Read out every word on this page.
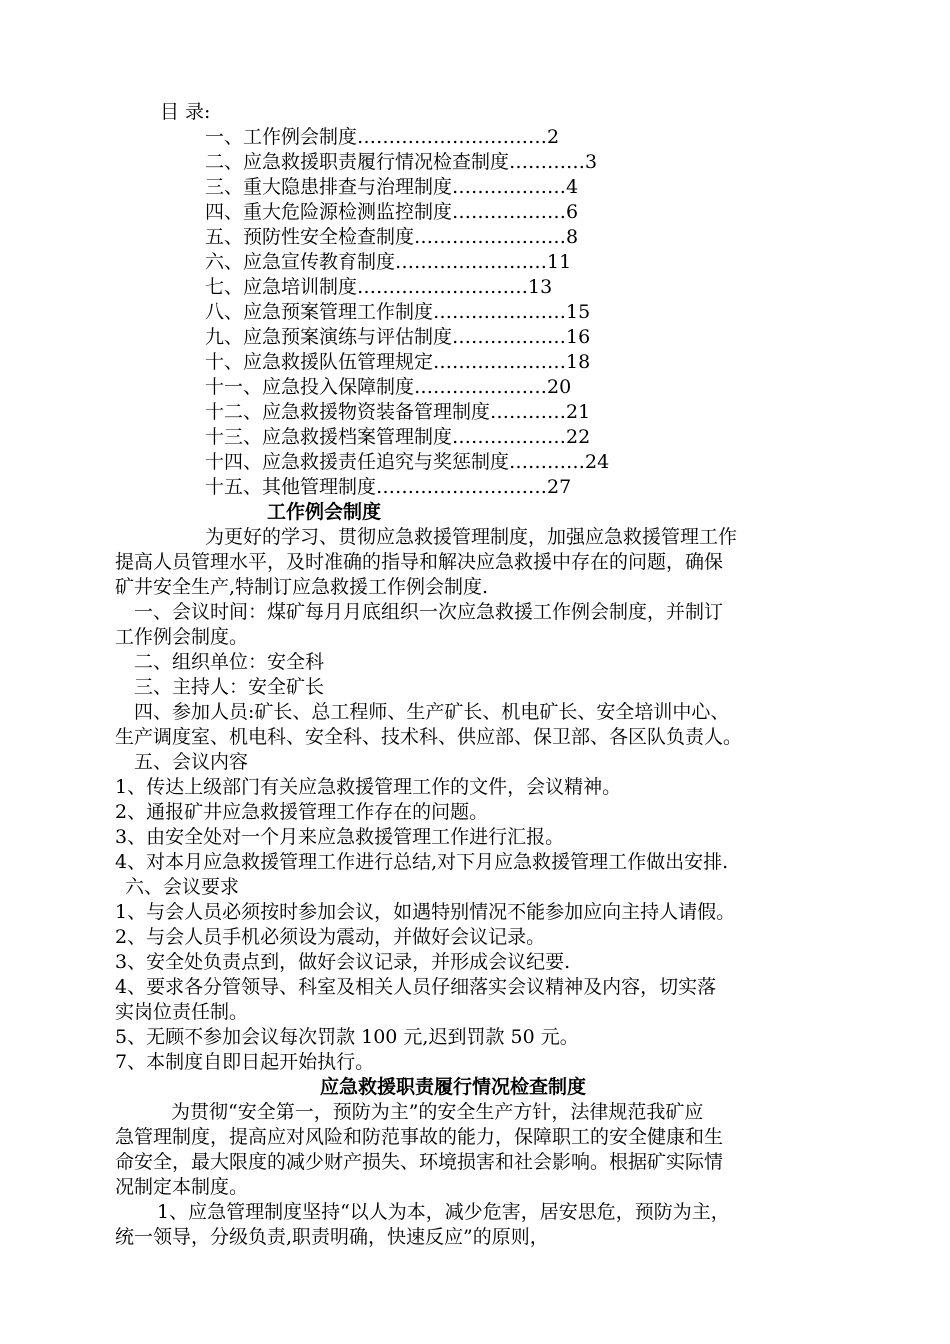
目 录:
一、工作例会制度…………………………2
二、应急救援职责履行情况检查制度…………3
三、重大隐患排查与治理制度………………4
四、重大危险源检测监控制度………………6
五、预防性安全检查制度……………………8
六、应急宣传教育制度……………………11
七、应急培训制度………………………13
八、应急预案管理工作制度…………………15
九、应急预案演练与评估制度………………16
十、应急救援队伍管理规定…………………18
十一、应急投入保障制度…………………20
十二、应急救援物资装备管理制度…………21
十三、应急救援档案管理制度………………22
十四、应急救援责任追究与奖惩制度…………24
十五、其他管理制度………………………27
工作例会制度
为更好的学习、贯彻应急救援管理制度，加强应急救援管理工作
提高人员管理水平，及时准确的指导和解决应急救援中存在的问题，确保
矿井安全生产,特制订应急救援工作例会制度.
一、会议时间：煤矿每月月底组织一次应急救援工作例会制度，并制订
工作例会制度。
二、组织单位：安全科
三、主持人：安全矿长
四、参加人员:矿长、总工程师、生产矿长、机电矿长、安全培训中心、
生产调度室、机电科、安全科、技术科、供应部、保卫部、各区队负责人。
五、会议内容
1、传达上级部门有关应急救援管理工作的文件，会议精神。
2、通报矿井应急救援管理工作存在的问题。
3、由安全处对一个月来应急救援管理工作进行汇报。
4、对本月应急救援管理工作进行总结,对下月应急救援管理工作做出安排.
六、会议要求
1、与会人员必须按时参加会议，如遇特别情况不能参加应向主持人请假。
2、与会人员手机必须设为震动，并做好会议记录。
3、安全处负责点到，做好会议记录，并形成会议纪要.
4、要求各分管领导、科室及相关人员仔细落实会议精神及内容，切实落
实岗位责任制。
5、无顾不参加会议每次罚款 100 元,迟到罚款 50 元。
7、本制度自即日起开始执行。
应急救援职责履行情况检查制度
为贯彻“安全第一，预防为主”的安全生产方针，法律规范我矿应
急管理制度，提高应对风险和防范事故的能力，保障职工的安全健康和生
命安全，最大限度的减少财产损失、环境损害和社会影响。根据矿实际情
况制定本制度。
1、应急管理制度坚持“以人为本，减少危害，居安思危，预防为主，
统一领导，分级负责,职责明确，快速反应”的原则，
